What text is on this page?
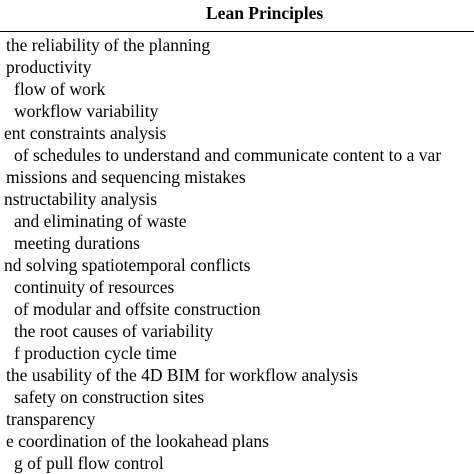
Lean Principles
the reliability of the planning
productivity
flow of work
workflow variability
ent constraints analysis
of schedules to understand and communicate content to a var
missions and sequencing mistakes
nstructability analysis
and eliminating of waste
meeting durations
nd solving spatiotemporal conflicts
continuity of resources
of modular and offsite construction
the root causes of variability
f production cycle time
the usability of the 4D BIM for workflow analysis
safety on construction sites
transparency
e coordination of the lookahead plans
g of pull flow control
